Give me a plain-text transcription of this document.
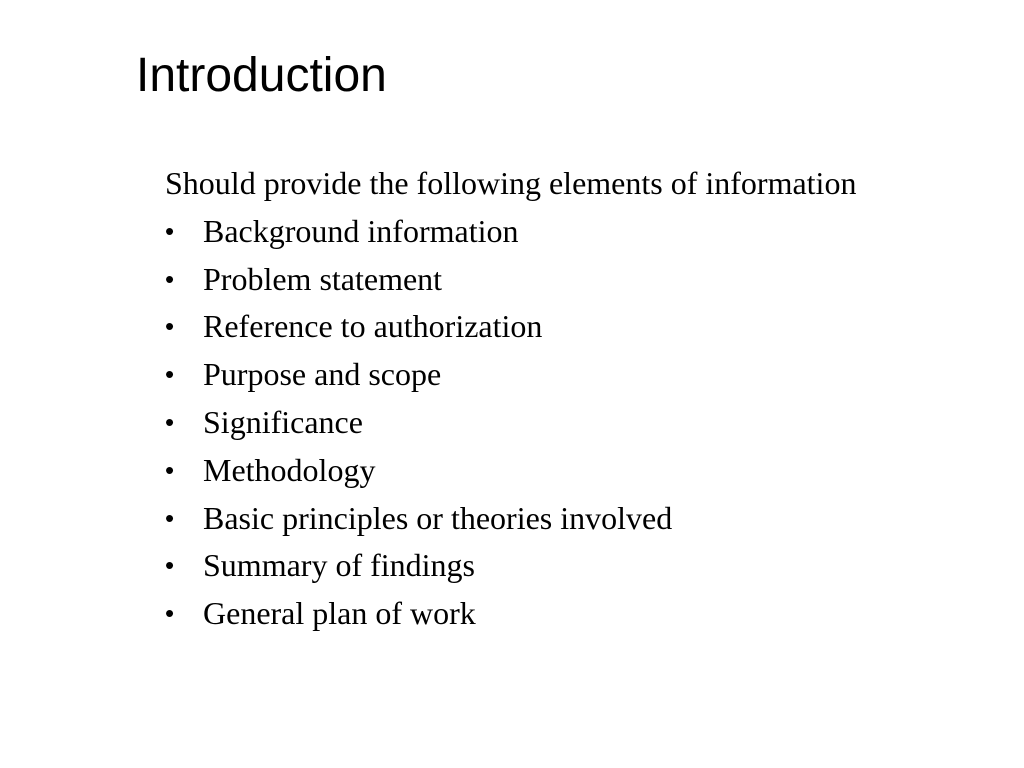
Introduction

Should provide the following elements of information

• Background information
• Problem statement
• Reference to authorization
• Purpose and scope
• Significance
• Methodology
• Basic principles or theories involved
• Summary of findings
• General plan of work
